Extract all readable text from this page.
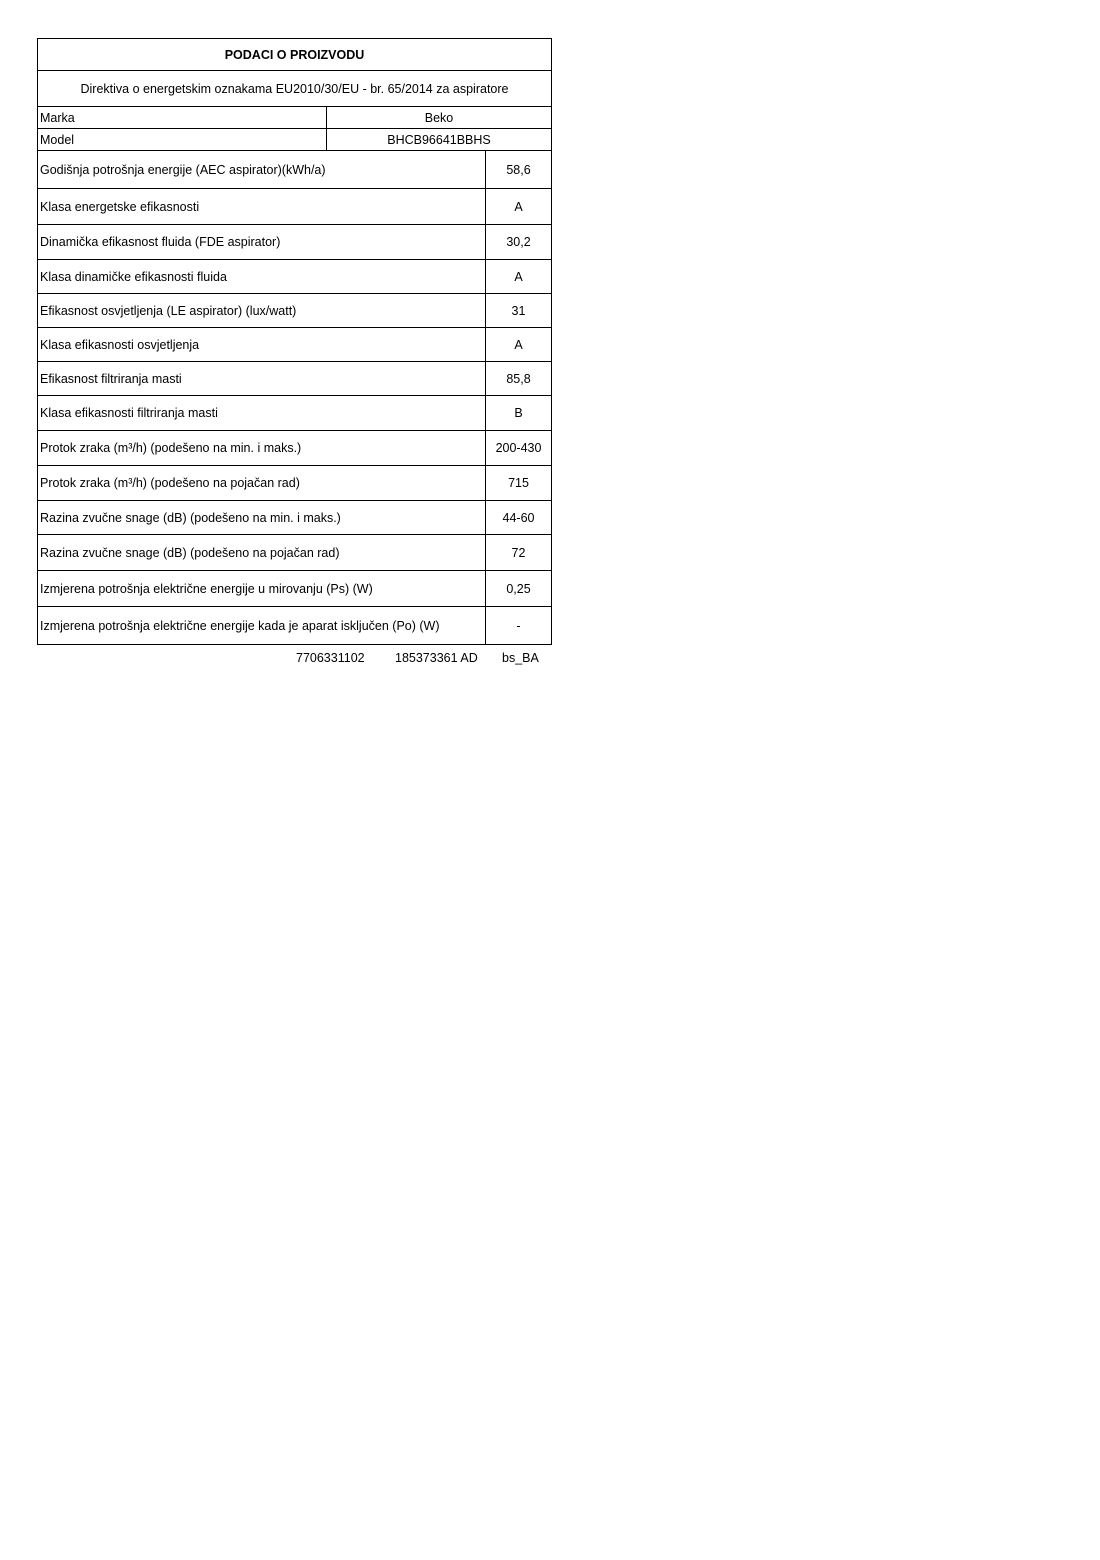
PODACI O PROIZVODU
Direktiva o energetskim oznakama EU2010/30/EU - br. 65/2014 za aspiratore
Marka	Beko
Model	BHCB96641BBHS
Godišnja potrošnja energije (AEC aspirator)(kWh/a)	58,6
Klasa energetske efikasnosti	A
Dinamička efikasnost fluida (FDE aspirator)	30,2
Klasa dinamičke efikasnosti fluida	A
Efikasnost osvjetljenja (LE aspirator) (lux/watt)	31
Klasa efikasnosti osvjetljenja	A
Efikasnost filtriranja masti	85,8
Klasa efikasnosti filtriranja masti	B
Protok zraka (m³/h) (podešeno na min. i maks.)	200-430
Protok zraka (m³/h) (podešeno na pojačan rad)	715
Razina zvučne snage (dB) (podešeno na min. i maks.)	44-60
Razina zvučne snage (dB) (podešeno na pojačan rad)	72
Izmjerena potrošnja električne energije u mirovanju (Ps) (W)	0,25
Izmjerena potrošnja električne energije kada je aparat isključen (Po) (W)	-
7706331102 185373361 AD bs_BA
